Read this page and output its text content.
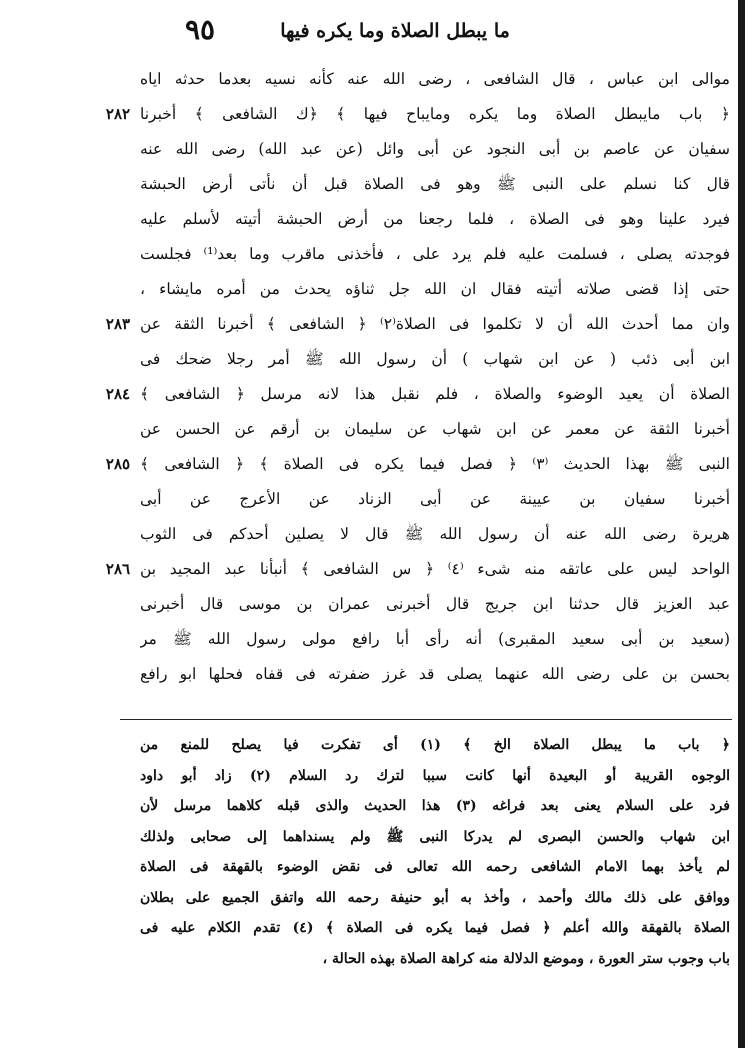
ما يبطل الصلاة وما يكره فيها
٩٥
موالى ابن عباس ، قال الشافعى ، رضى الله عنه كأنه نسيه بعدما حدثه اياه
﴿ باب مايبطل الصلاة وما يكره ومايباح فيها ﴾ ﴿ك الشافعى ﴾ أخبرنا
سفيان عن عاصم بن أبى النجود عن أبى وائل (عن عبد الله) رضى الله عنه
قال كنا نسلم على النبى ﷺ وهو فى الصلاة قبل أن نأتى أرض الحبشة
فيرد علينا وهو فى الصلاة ، فلما رجعنا من أرض الحبشة أتيته لأسلم عليه
فوجدته يصلى ، فسلمت عليه فلم يرد على ، فأخذنى ماقرب وما بعد⁽¹⁾ فجلست
حتى إذا قضى صلاته أتيته فقال ان الله جل ثناؤه يحدث من أمره مايشاء ،
وان مما أحدث الله أن لا تكلموا فى الصلاة⁽٢⁾ ﴿ الشافعى ﴾ أخبرنا الثقة عن
ابن أبى ذئب ( عن ابن شهاب ) أن رسول الله ﷺ أمر رجلا ضحك فى
الصلاة أن يعيد الوضوء والصلاة ، فلم نقبل هذا لانه مرسل ﴿ الشافعى ﴾
أخبرنا الثقة عن معمر عن ابن شهاب عن سليمان بن أرقم عن الحسن عن
النبى ﷺ بهذا الحديث ⁽٣⁾ ﴿ فصل فيما يكره فى الصلاة ﴾ ﴿ الشافعى ﴾
أخبرنا سفيان بن عيينة عن أبى الزناد عن الأعرج عن أبى
هريرة رضى الله عنه أن رسول الله ﷺ قال لا يصلين أحدكم فى الثوب
الواحد ليس على عاتقه منه شىء ⁽٤⁾ ﴿ س الشافعى ﴾ أنبأنا عبد المجيد بن
عبد العزيز قال حدثنا ابن جريج قال أخبرنى عمران بن موسى قال أخبرنى
(سعيد بن أبى سعيد المقبرى) أنه رأى أبا رافع مولى رسول الله ﷺ مر
بحسن بن على رضى الله عنهما يصلى قد غرز ضفرته فى قفاه فحلها ابو رافع
٢٨٢
٢٨٣
٢٨٤
٢٨٥
٢٨٦
﴿ باب ما يبطل الصلاة الخ ﴾ (١) أى تفكرت فيا يصلح للمنع من
الوجوه القريبة أو البعيدة أنها كانت سببا لترك رد السلام (٢) زاد أبو داود
فرد على السلام يعنى بعد فراغه (٣) هذا الحديث والذى قبله كلاهما مرسل لأن
ابن شهاب والحسن البصرى لم يدركا النبى ﷺ ولم يسنداهما إلى صحابى ولذلك
لم يأخذ بهما الامام الشافعى رحمه الله تعالى فى نقض الوضوء بالقهقة فى الصلاة
ووافق على ذلك مالك وأحمد ، وأخذ به أبو حنيفة رحمه الله واتفق الجميع على بطلان
الصلاة بالقهقة والله أعلم ﴿ فصل فيما يكره فى الصلاة ﴾ (٤) تقدم الكلام عليه فى
باب وجوب ستر العورة ، وموضع الدلالة منه كراهة الصلاة بهذه الحالة ،
